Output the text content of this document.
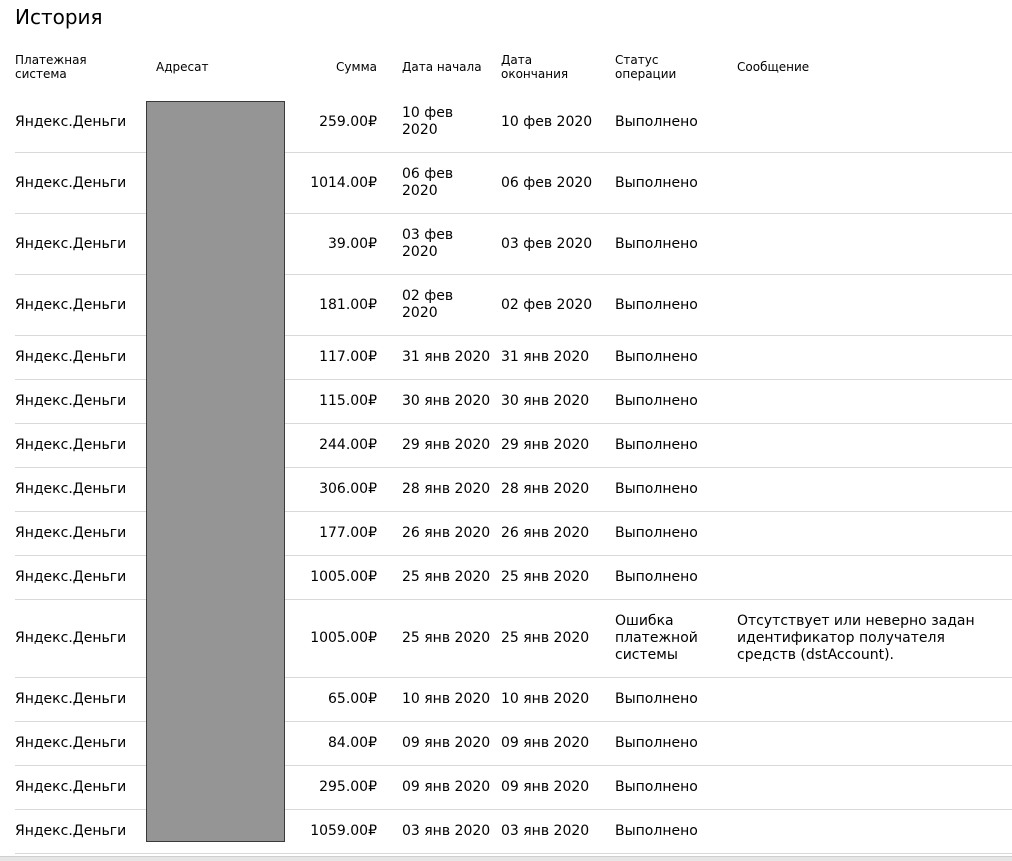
История
Платежная система	Адресат	Сумма	Дата начала	Дата окончания	Статус операции	Сообщение
Яндекс.Деньги		259.00₽	10 фев 2020	10 фев 2020	Выполнено	
Яндекс.Деньги		1014.00₽	06 фев 2020	06 фев 2020	Выполнено	
Яндекс.Деньги		39.00₽	03 фев 2020	03 фев 2020	Выполнено	
Яндекс.Деньги		181.00₽	02 фев 2020	02 фев 2020	Выполнено	
Яндекс.Деньги		117.00₽	31 янв 2020	31 янв 2020	Выполнено	
Яндекс.Деньги		115.00₽	30 янв 2020	30 янв 2020	Выполнено	
Яндекс.Деньги		244.00₽	29 янв 2020	29 янв 2020	Выполнено	
Яндекс.Деньги		306.00₽	28 янв 2020	28 янв 2020	Выполнено	
Яндекс.Деньги		177.00₽	26 янв 2020	26 янв 2020	Выполнено	
Яндекс.Деньги		1005.00₽	25 янв 2020	25 янв 2020	Выполнено	
Яндекс.Деньги		1005.00₽	25 янв 2020	25 янв 2020	Ошибка платежной системы	Отсутствует или неверно задан идентификатор получателя средств (dstAccount).

Яндекс.Деньги		65.00₽	10 янв 2020	10 янв 2020	Выполнено	
Яндекс.Деньги		84.00₽	09 янв 2020	09 янв 2020	Выполнено	
Яндекс.Деньги		295.00₽	09 янв 2020	09 янв 2020	Выполнено	
Яндекс.Деньги		1059.00₽	03 янв 2020	03 янв 2020	Выполнено	
